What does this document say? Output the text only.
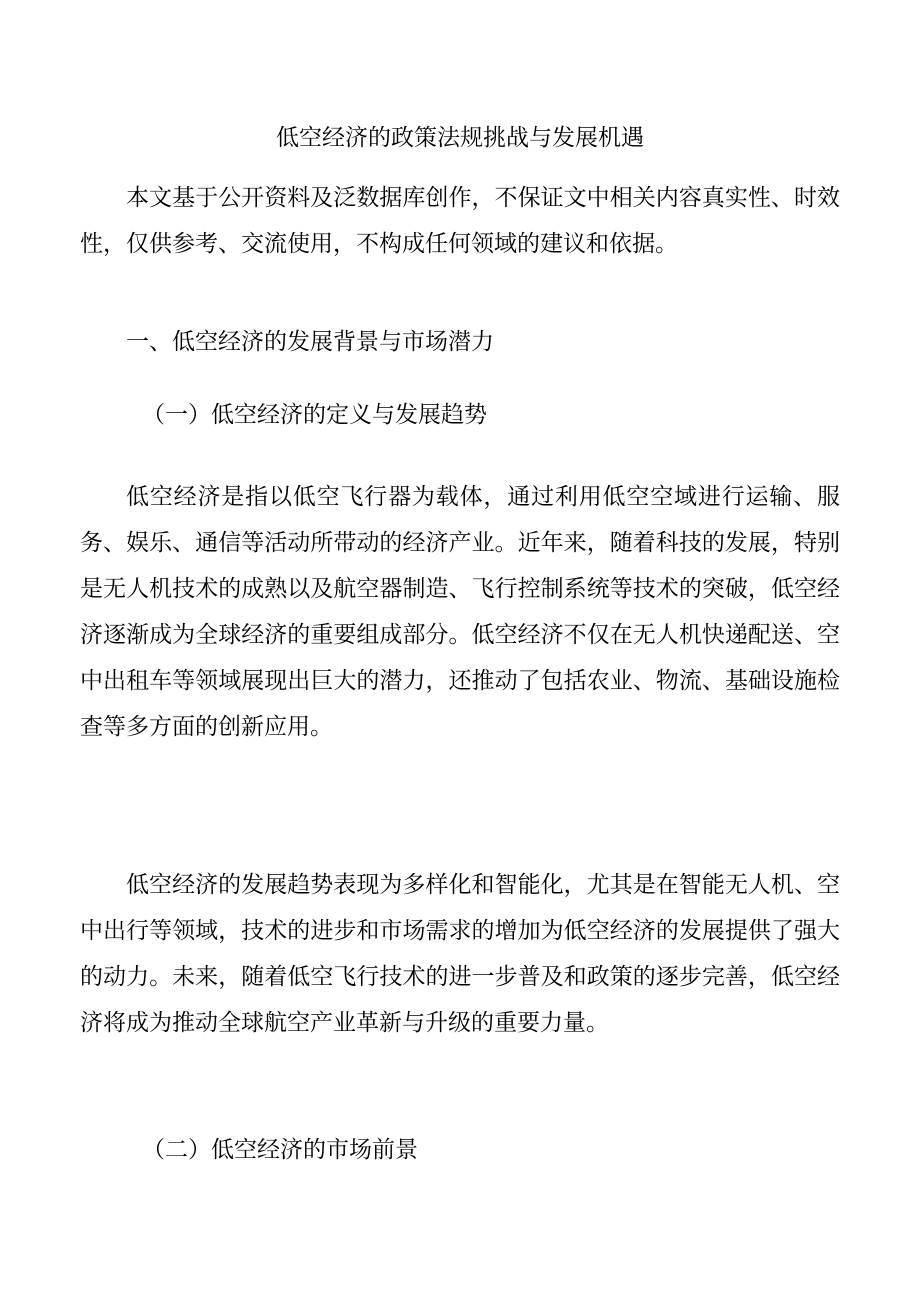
低空经济的政策法规挑战与发展机遇

本文基于公开资料及泛数据库创作，不保证文中相关内容真实性、时效性，仅供参考、交流使用，不构成任何领域的建议和依据。

一、低空经济的发展背景与市场潜力
（一）低空经济的定义与发展趋势

低空经济是指以低空飞行器为载体，通过利用低空空域进行运输、服务、娱乐、通信等活动所带动的经济产业。近年来，随着科技的发展，特别是无人机技术的成熟以及航空器制造、飞行控制系统等技术的突破，低空经济逐渐成为全球经济的重要组成部分。低空经济不仅在无人机快递配送、空中出租车等领域展现出巨大的潜力，还推动了包括农业、物流、基础设施检查等多方面的创新应用。

低空经济的发展趋势表现为多样化和智能化，尤其是在智能无人机、空中出行等领域，技术的进步和市场需求的增加为低空经济的发展提供了强大的动力。未来，随着低空飞行技术的进一步普及和政策的逐步完善，低空经济将成为推动全球航空产业革新与升级的重要力量。

（二）低空经济的市场前景
